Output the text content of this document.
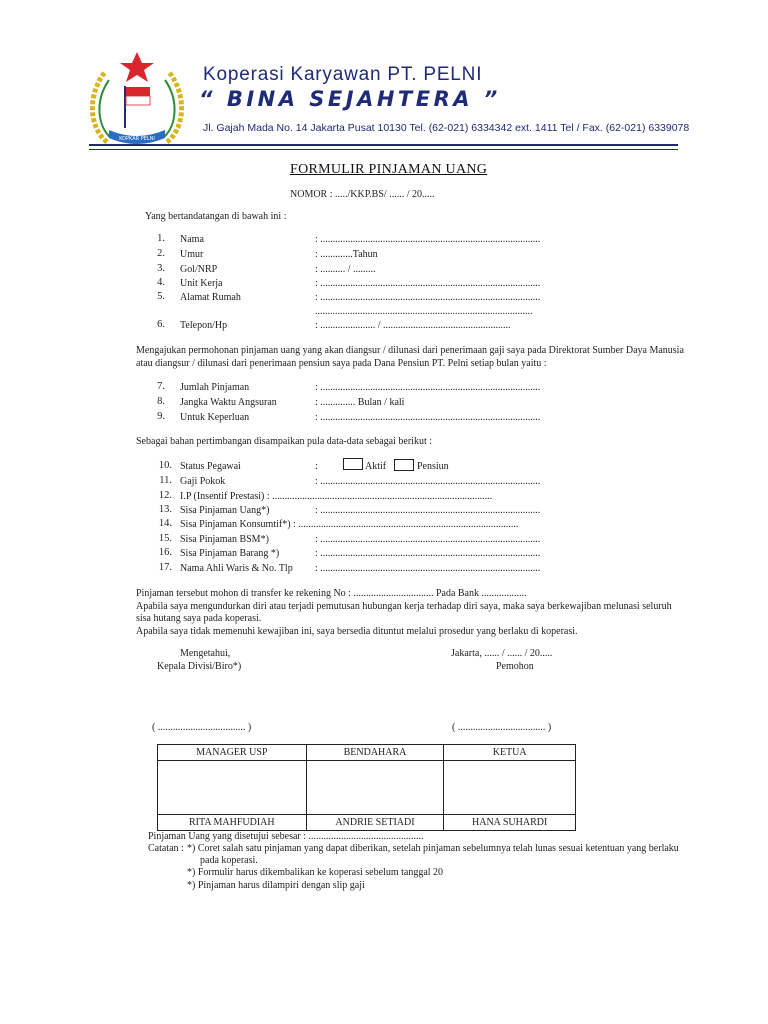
KOPKAR PELNI
Koperasi Karyawan PT. PELNI
“ BINA SEJAHTERA ”
Jl. Gajah Mada No. 14 Jakarta Pusat 10130 Tel. (62-021) 6334342 ext. 1411 Tel / Fax. (62-021) 6339078
FORMULIR PINJAMAN UANG
NOMOR : ...../KKP.BS/ ...... / 20.....
Yang bertandatangan di bawah ini :
1. Nama	: ........................................................................................
2. Umur	: .............Tahun
3. Gol/NRP	: .......... / .........
4. Unit Kerja	: ........................................................................................
5. Alamat Rumah	: ........................................................................................
.......................................................................................
6. Telepon/Hp	: ...................... / ...................................................
Mengajukan permohonan pinjaman uang yang akan diangsur / dilunasi dari penerimaan gaji saya pada Direktorat Sumber Daya Manusia
atau diangsur / dilunasi dari penerimaan pensiun saya pada Dana Pensiun PT. Pelni setiap bulan yaitu :
7. Jumlah Pinjaman	: ........................................................................................
8. Jangka Waktu Angsuran	: .............. Bulan / kali
9. Untuk Keperluan	: ........................................................................................
Sebagai bahan pertimbangan disampaikan pula data-data sebagai berikut :
10. Status Pegawai	:	Aktif	Pensiun
11. Gaji Pokok	: ........................................................................................
12. I.P (Insentif Prestasi) : ........................................................................................
13. Sisa Pinjaman Uang*)	: ........................................................................................
14. Sisa Pinjaman Konsumtif*) : ........................................................................................
15. Sisa Pinjaman BSM*)	: ........................................................................................
16. Sisa Pinjaman Barang *)	: ........................................................................................
17. Nama Ahli Waris & No. Tlp : ........................................................................................
Pinjaman tersebut mohon di transfer ke rekening No : ................................ Pada Bank ..................
Apabila saya mengundurkan diri atau terjadi pemutusan hubungan kerja terhadap diri saya, maka saya berkewajiban melunasi seluruh
sisa hutang saya pada koperasi.
Apabila saya tidak memenuhi kewajiban ini, saya bersedia dituntut melalui prosedur yang berlaku di koperasi.
Mengetahui,
Kepala Divisi/Biro*)
Jakarta, ...... / ...... / 20.....
Pemohon
( ................................... )	( ................................... )
MANAGER USP	BENDAHARA	KETUA

RITA MAHFUDIAH	ANDRIE SETIADI	HANA SUHARDI
Pinjaman Uang yang disetujui sebesar : ..............................................
Catatan : *) Coret salah satu pinjaman yang dapat diberikan, setelah pinjaman sebelumnya telah lunas sesuai ketentuan yang berlaku
pada koperasi.
*) Formulir harus dikembalikan ke koperasi sebelum tanggal 20
*) Pinjaman harus dilampiri dengan slip gaji
